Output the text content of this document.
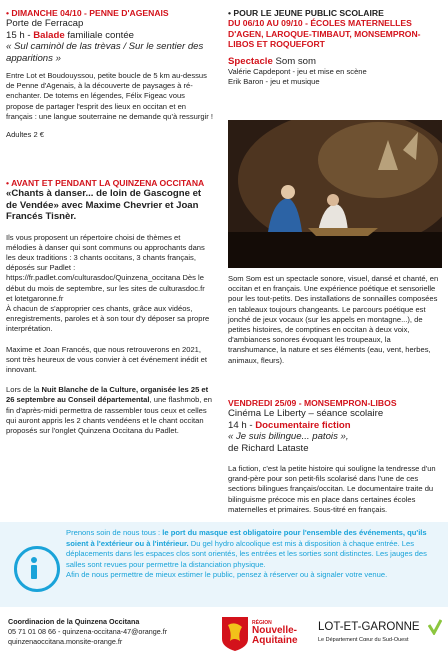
• DIMANCHE 04/10 - PENNE D'AGENAIS
Porte de Ferracap
15 h - Balade familiale contée
« Sul caminòl de las trèvas / Sur le sentier des apparitions »

Entre Lot et Boudouyssou, petite boucle de 5 km au-dessus de Penne d'Agenais, à la découverte de paysages à ré-enchanter. De totems en légendes, Félix Figeac vous propose de partager l'esprit des lieux en occitan et en français : une langue souterraine ne demande qu'à ressurgir !

Adultes 2 €

• AVANT ET PENDANT LA QUINZENA OCCITANA
«Chants à danser... de loin de Gascogne et de Vendée» avec Maxime Chevrier et Joan Francés Tisnèr.

Ils vous proposent un répertoire choisi de thèmes et mélodies à danser qui sont communs ou approchants dans les deux traditions : 3 chants occitans, 3 chants français, déposés sur Padlet : https://fr.padlet.com/culturasdoc/Quinzena_occitana Dès le début du mois de septembre, sur les sites de culturasdoc.fr et lotetgaronne.fr

À chacun de s'approprier ces chants, grâce aux vidéos, enregistrements, paroles et à son tour d'y déposer sa propre interprétation.

Maxime et Joan Francés, que nous retrouverons en 2021, sont très heureux de vous convier à cet événement inédit et innovant.

Lors de la Nuit Blanche de la Culture, organisée les 25 et 26 septembre au Conseil départemental, une flashmob, en fin d'après-midi permettra de rassembler tous ceux et celles qui auront appris les 2 chants vendéens et le chant occitan proposés sur l'onglet Quinzena Occitana du Padlet.

• POUR LE JEUNE PUBLIC SCOLAIRE
DU 06/10 AU 09/10 - ÉCOLES MATERNELLES D'AGEN, LAROQUE-TIMBAUT, MONSEMPRON-LIBOS ET ROQUEFORT
Spectacle Som som

Valérie Capdepont - jeu et mise en scène

Erik Baron - jeu et musique

Som Som est un spectacle sonore, visuel, dansé et chanté, en occitan et en français. Une expérience poétique et sensorielle pour les tout-petits. Des installations de sonnailles composées en tableaux toujours changeants. Le parcours poétique est jonché de jeux vocaux (sur les appels en montagne...), de petites histoires, de comptines en occitan à deux voix, d'ambiances sonores évoquant les troupeaux, la transhumance, la nature et ses éléments (eau, vent, herbes, animaux, fleurs).

VENDREDI 25/09 - MONSEMPRON-LIBOS
Cinéma Le Liberty – séance scolaire
14 h - Documentaire fiction
« Je suis bilingue... patois »,
de Richard Lataste

La fiction, c'est la petite histoire qui souligne la tendresse d'un grand-père pour son petit-fils scolarisé dans l'une de ces sections bilingues français/occitan. Le documentaire traite du bilinguisme précoce mis en place dans certaines écoles maternelles et primaires. Sous-titré en français.

Prenons soin de nous tous : le port du masque est obligatoire pour l'ensemble des événements, qu'ils soient à l'extérieur ou à l'intérieur. Du gel hydro alcoolique est mis à disposition à chaque entrée. Les déplacements dans les espaces clos sont orientés, les entrées et les sorties sont distinctes. Les jauges des salles sont revues pour permettre la distanciation physique.
Afin de nous permettre de mieux estimer le public, pensez à réserver ou à signaler votre venue.
Coordinacion de la Quinzena Occitana
05 71 01 08 66 - quinzena-occitana-47@orange.fr
quinzenaoccitana.monsite-orange.fr
RÉGION
Nouvelle-
Aquitaine
LOT-ET-GARONNE
Le Département Cœur du Sud-Ouest
